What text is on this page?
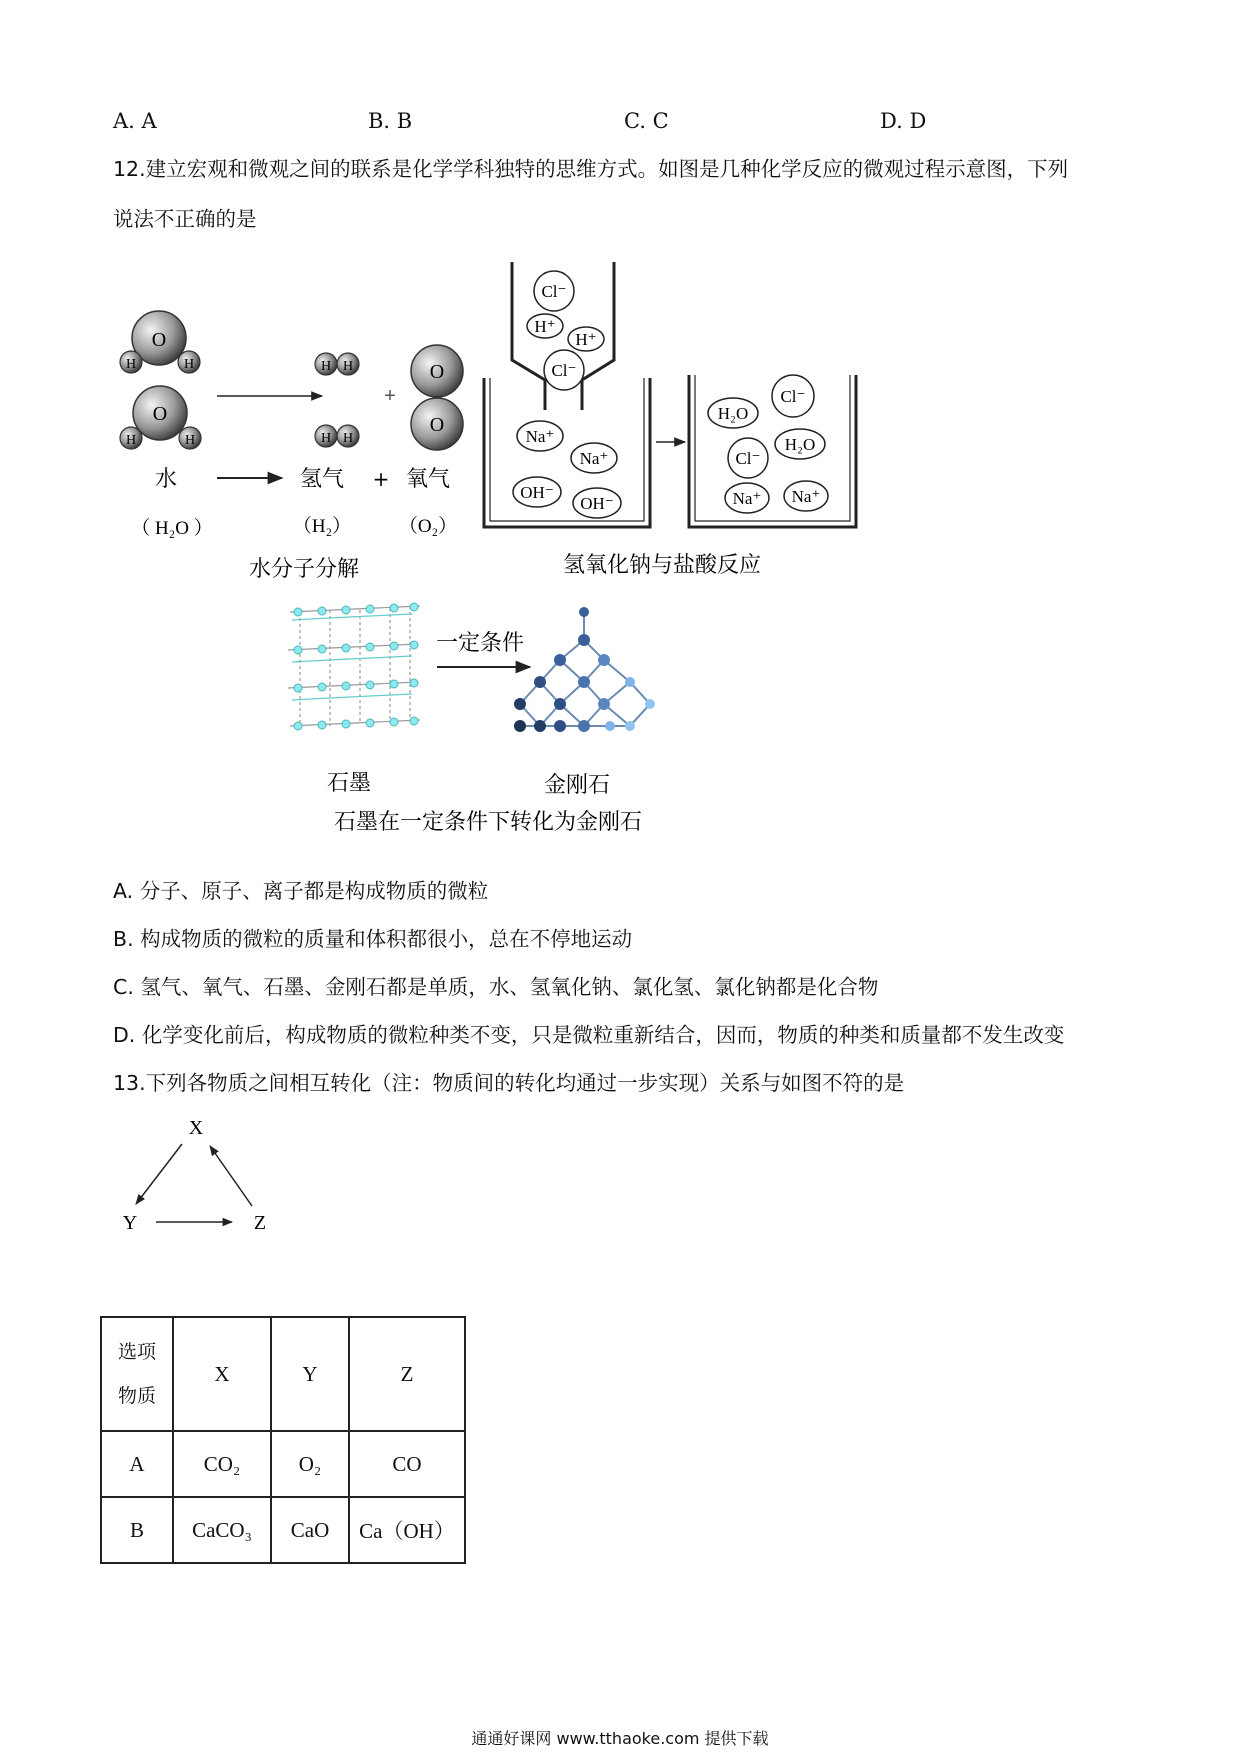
A. A	B. B	C. C	D. D
12.建立宏观和微观之间的联系是化学学科独特的思维方式。如图是几种化学反应的微观过程示意图，下列
说法不正确的是
O
H	H
O
H	H
H H
H H
+
O
O
水	氢气 + 氧气
（ H₂O ）	（H₂）	（O₂）
水分子分解
Cl⁻
H⁺
H⁺
Cl⁻
Na⁺
Na⁺
OH⁻
OH⁻
H₂O
Cl⁻
Cl⁻
H₂O
Na⁺ Na⁺
氢氧化钠与盐酸反应
一定条件
石墨	金刚石
石墨在一定条件下转化为金刚石
A. 分子、原子、离子都是构成物质的微粒
B. 构成物质的微粒的质量和体积都很小，总在不停地运动
C. 氢气、氧气、石墨、金刚石都是单质，水、氢氧化钠、氯化氢、氯化钠都是化合物
D. 化学变化前后，构成物质的微粒种类不变，只是微粒重新结合，因而，物质的种类和质量都不发生改变
13.下列各物质之间相互转化（注：物质间的转化均通过一步实现）关系与如图不符的是
X
Y	Z
选项
物质	X	Y	Z
A	CO₂	O₂	CO
B	CaCO₃	CaO	Ca（OH）
通通好课网 www.tthaoke.com 提供下载
